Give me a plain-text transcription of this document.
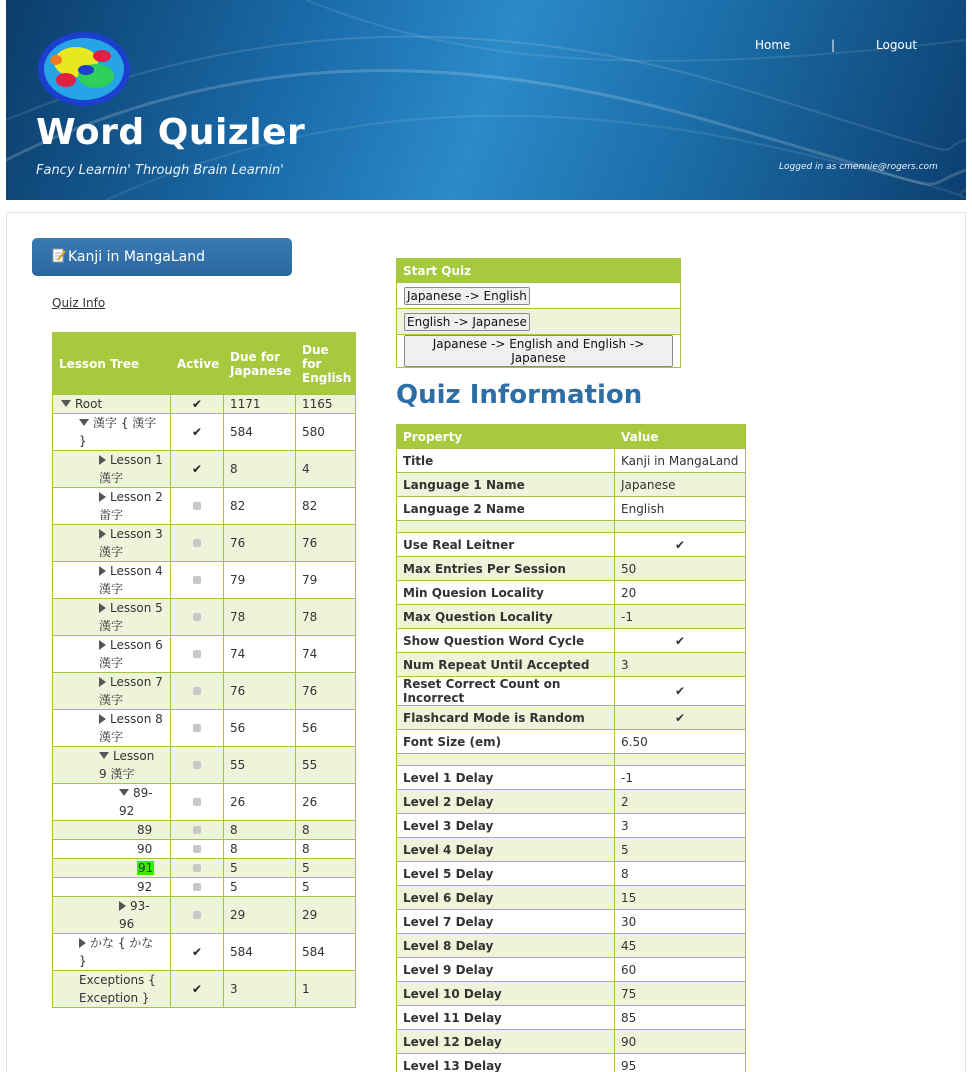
Word Quizler
Fancy Learnin' Through Brain Learnin'
Home	|	Logout
Logged in as cmennie@rogers.com
Kanji in MangaLand
Quiz Info
Lesson Tree	Active	Due for Japanese	Due for English
Root	✔	1171	1165
漢字 { 漢字 }	✔	584	580
Lesson 1 漢字	✔	8	4
Lesson 2 畨字		82	82
Lesson 3 漢字		76	76
Lesson 4 漢字		79	79
Lesson 5 漢字		78	78
Lesson 6 漢字		74	74
Lesson 7 漢字		76	76
Lesson 8 漢字		56	56
Lesson 9 漢字		55	55
89-92		26	26
89		8	8
90		8	8
91		5	5
92		5	5
93-96		29	29
かな { かな }	✔	584	584
Exceptions { Exception }	✔	3	1
Start Quiz
Japanese -> English
English -> Japanese
Japanese -> English and English -> Japanese
Quiz Information
Property	Value
Title	Kanji in MangaLand
Language 1 Name	Japanese
Language 2 Name	English

Use Real Leitner	✔
Max Entries Per Session	50
Min Quesion Locality	20
Max Question Locality	-1
Show Question Word Cycle	✔
Num Repeat Until Accepted	3
Reset Correct Count on Incorrect	✔
Flashcard Mode is Random	✔
Font Size (em)	6.50

Level 1 Delay	-1
Level 2 Delay	2
Level 3 Delay	3
Level 4 Delay	5
Level 5 Delay	8
Level 6 Delay	15
Level 7 Delay	30
Level 8 Delay	45
Level 9 Delay	60
Level 10 Delay	75
Level 11 Delay	85
Level 12 Delay	90
Level 13 Delay	95
